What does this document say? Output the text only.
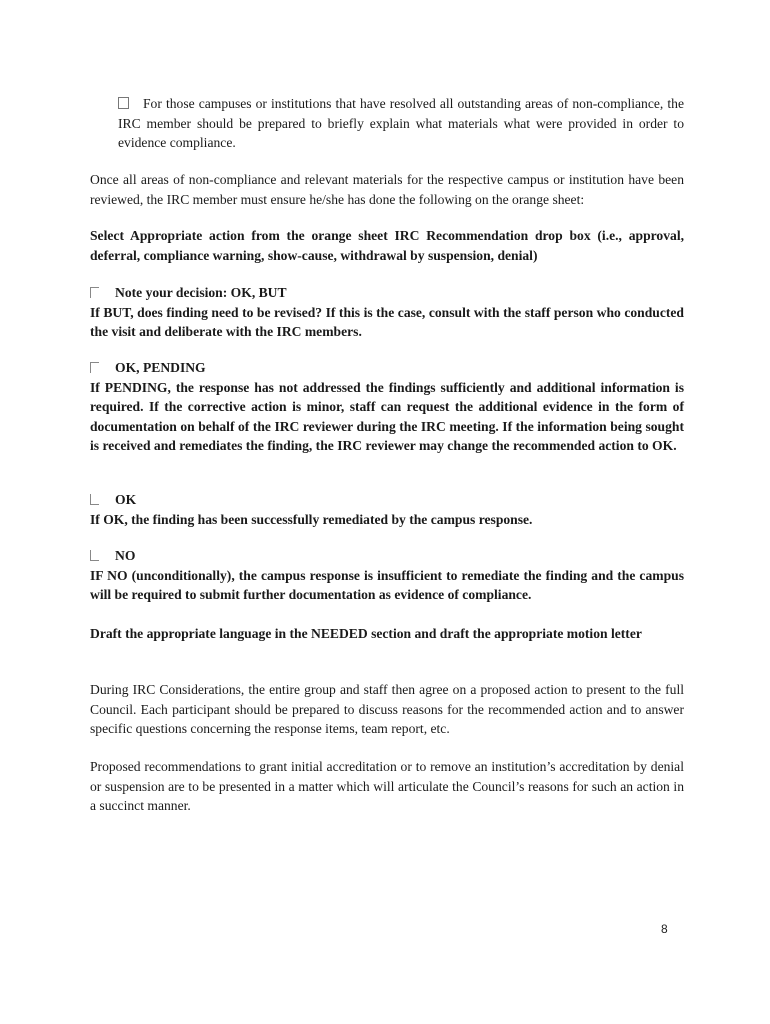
For those campuses or institutions that have resolved all outstanding areas of non-compliance, the IRC member should be prepared to briefly explain what materials what were provided in order to evidence compliance.

Once all areas of non-compliance and relevant materials for the respective campus or institution have been reviewed, the IRC member must ensure he/she has done the following on the orange sheet:

Select Appropriate action from the orange sheet IRC Recommendation drop box (i.e., approval, deferral, compliance warning, show-cause, withdrawal by suspension, denial)

Note your decision: OK, BUT
If BUT, does finding need to be revised? If this is the case, consult with the staff person who conducted the visit and deliberate with the IRC members.
OK, PENDING
If PENDING, the response has not addressed the findings sufficiently and additional information is required. If the corrective action is minor, staff can request the additional evidence in the form of documentation on behalf of the IRC reviewer during the IRC meeting. If the information being sought is received and remediates the finding, the IRC reviewer may change the recommended action to OK.
OK
If OK, the finding has been successfully remediated by the campus response.
NO
IF NO (unconditionally), the campus response is insufficient to remediate the finding and the campus will be required to submit further documentation as evidence of compliance.

Draft the appropriate language in the NEEDED section and draft the appropriate motion letter

During IRC Considerations, the entire group and staff then agree on a proposed action to present to the full Council. Each participant should be prepared to discuss reasons for the recommended action and to answer specific questions concerning the response items, team report, etc.

Proposed recommendations to grant initial accreditation or to remove an institution’s accreditation by denial or suspension are to be presented in a matter which will articulate the Council’s reasons for such an action in a succinct manner.

8
